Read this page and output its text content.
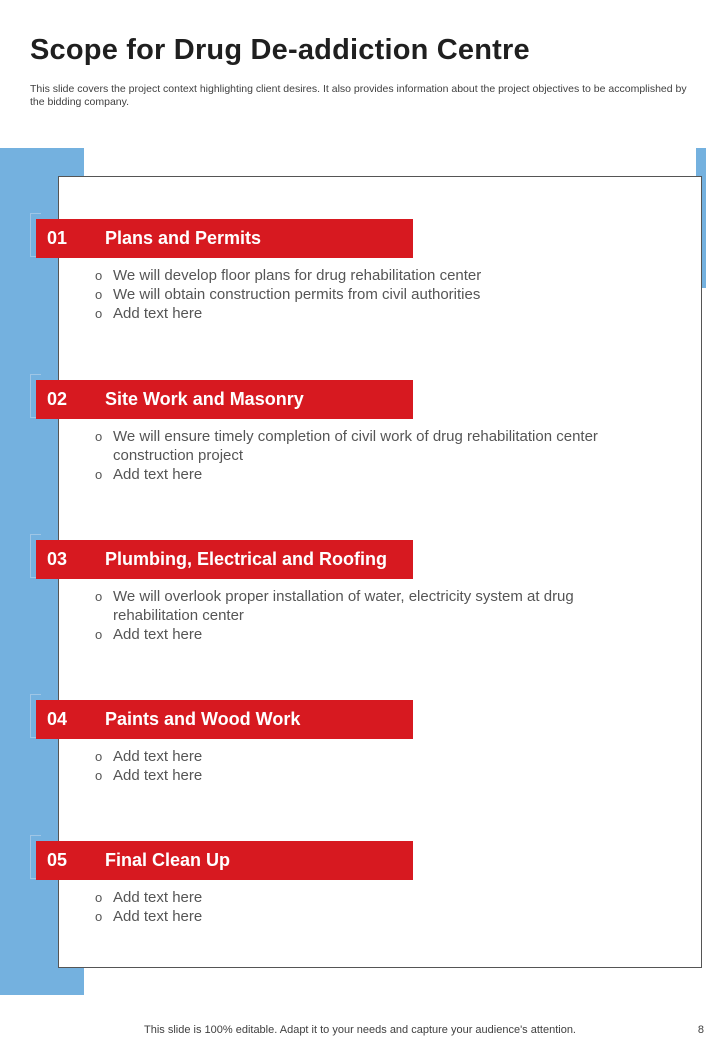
Scope for Drug De-addiction Centre
This slide covers the project context highlighting client desires. It also provides information about the project objectives to be accomplished by the bidding company.
01	Plans and Permits
o We will develop floor plans for drug rehabilitation center
o We will obtain construction permits from civil authorities
o Add text here
02	Site Work and Masonry
o We will ensure timely completion of civil work of drug rehabilitation center construction project
o Add text here
03	Plumbing, Electrical and Roofing
o We will overlook proper installation of water, electricity system at drug rehabilitation center
o Add text here
04	Paints and Wood Work
o Add text here
o Add text here
05	Final Clean Up
o Add text here
o Add text here
This slide is 100% editable. Adapt it to your needs and capture your audience's attention.	8
